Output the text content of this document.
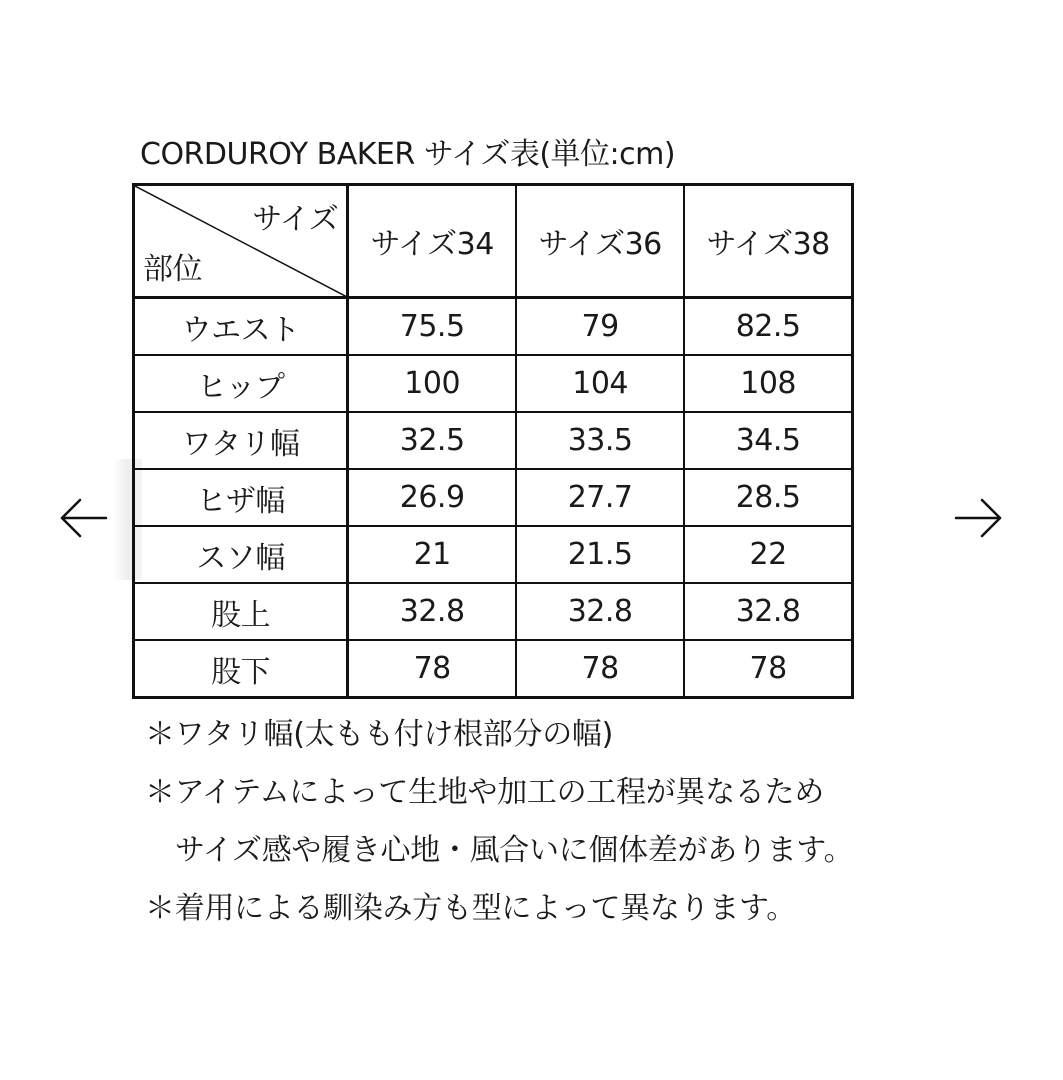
CORDUROY BAKER サイズ表(単位:cm)
サイズ
部位	サイズ34	サイズ36	サイズ38
ウエスト	75.5	79	82.5
ヒップ	100	104	108
ワタリ幅	32.5	33.5	34.5
ヒザ幅	26.9	27.7	28.5
スソ幅	21	21.5	22
股上	32.8	32.8	32.8
股下	78	78	78
＊ワタリ幅(太もも付け根部分の幅)
＊アイテムによって生地や加工の工程が異なるため
サイズ感や履き心地・風合いに個体差があります。
＊着用による馴染み方も型によって異なります。
